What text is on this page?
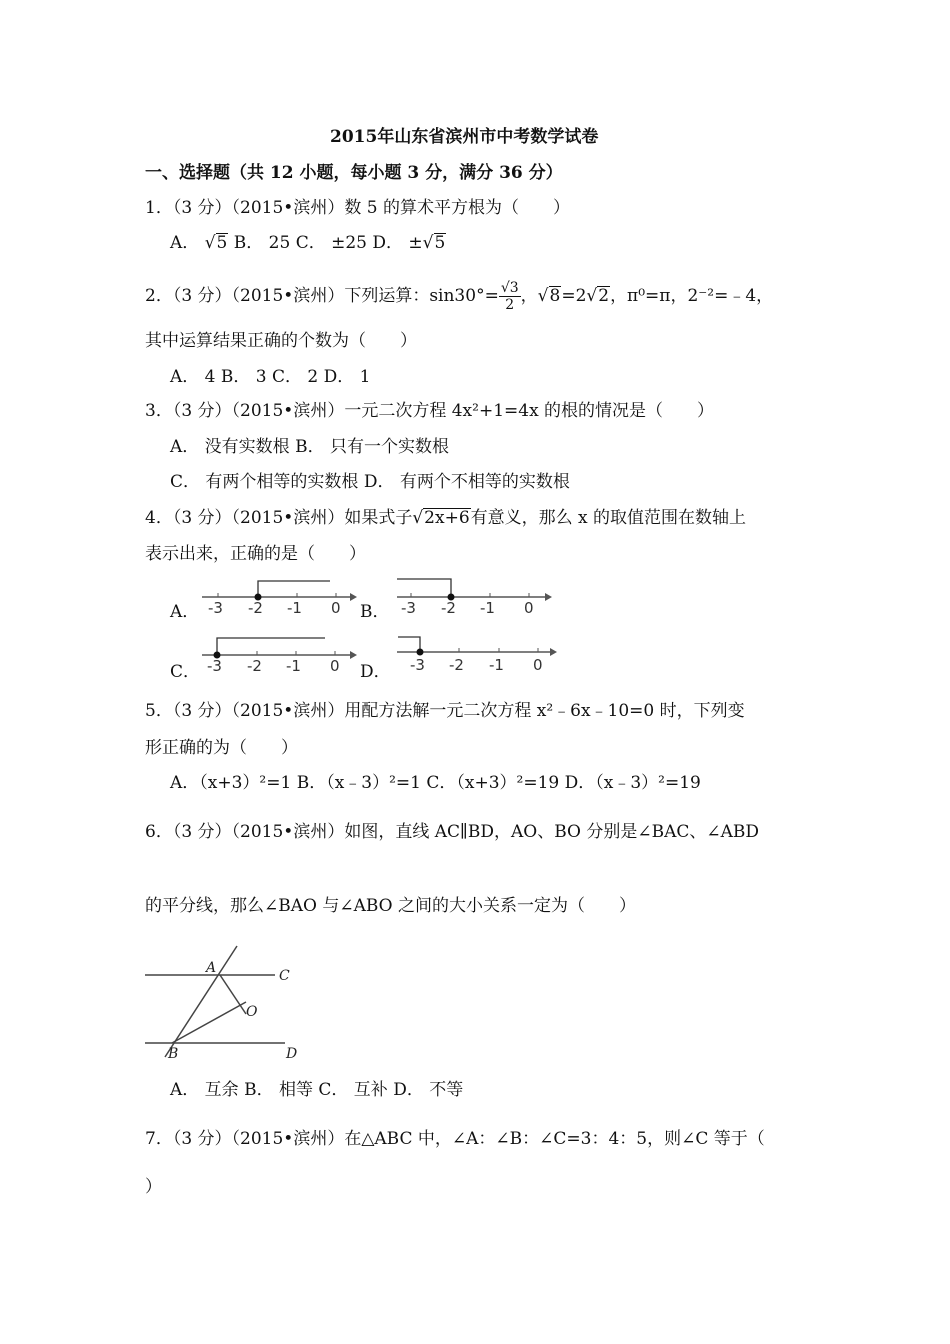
2015年山东省滨州市中考数学试卷
一、选择题（共 12 小题，每小题 3 分，满分 36 分）
1．（3 分）（2015•滨州）数 5 的算术平方根为（　　）
A． √5 B． 25 C． ±25 D． ±√5
2．（3 分）（2015•滨州）下列运算：$\sin 30^\circ= \frac{√3}{2}$ ，√8=2√2，π⁰=π，2⁻²=﹣4，
其中运算结果正确的个数为（　　）
A． 4 B． 3 C． 2 D． 1
3．（3 分）（2015•滨州）一元二次方程 4x²+1=4x 的根的情况是（　　）
A． 没有实数根 B． 只有一个实数根
C． 有两个相等的实数根 D． 有两个不相等的实数根
4．（3 分）（2015•滨州）如果式子√2x+6有意义，那么 x 的取值范围在数轴上
表示出来，正确的是（　　）
A．	B．
C．	D．
-3 -2 -1 0	-3 -2 -1 0
-3 -2 -1 0	-3 -2 -1 0
5．（3 分）（2015•滨州）用配方法解一元二次方程 x²﹣6x﹣10=0 时，下列变
形正确的为（　　）
A．（x+3）²=1 B．（x﹣3）²=1 C．（x+3）²=19 D．（x﹣3）²=19
6．（3 分）（2015•滨州）如图，直线 AC∥BD，AO、BO 分别是∠BAC、∠ABD
的平分线，那么∠BAO 与∠ABO 之间的大小关系一定为（　　）
A	C
O
B	D
A． 互余 B． 相等 C． 互补 D． 不等
7．（3 分）（2015•滨州）在△ABC 中，∠A：∠B：∠C=3：4：5，则∠C 等于（
）
